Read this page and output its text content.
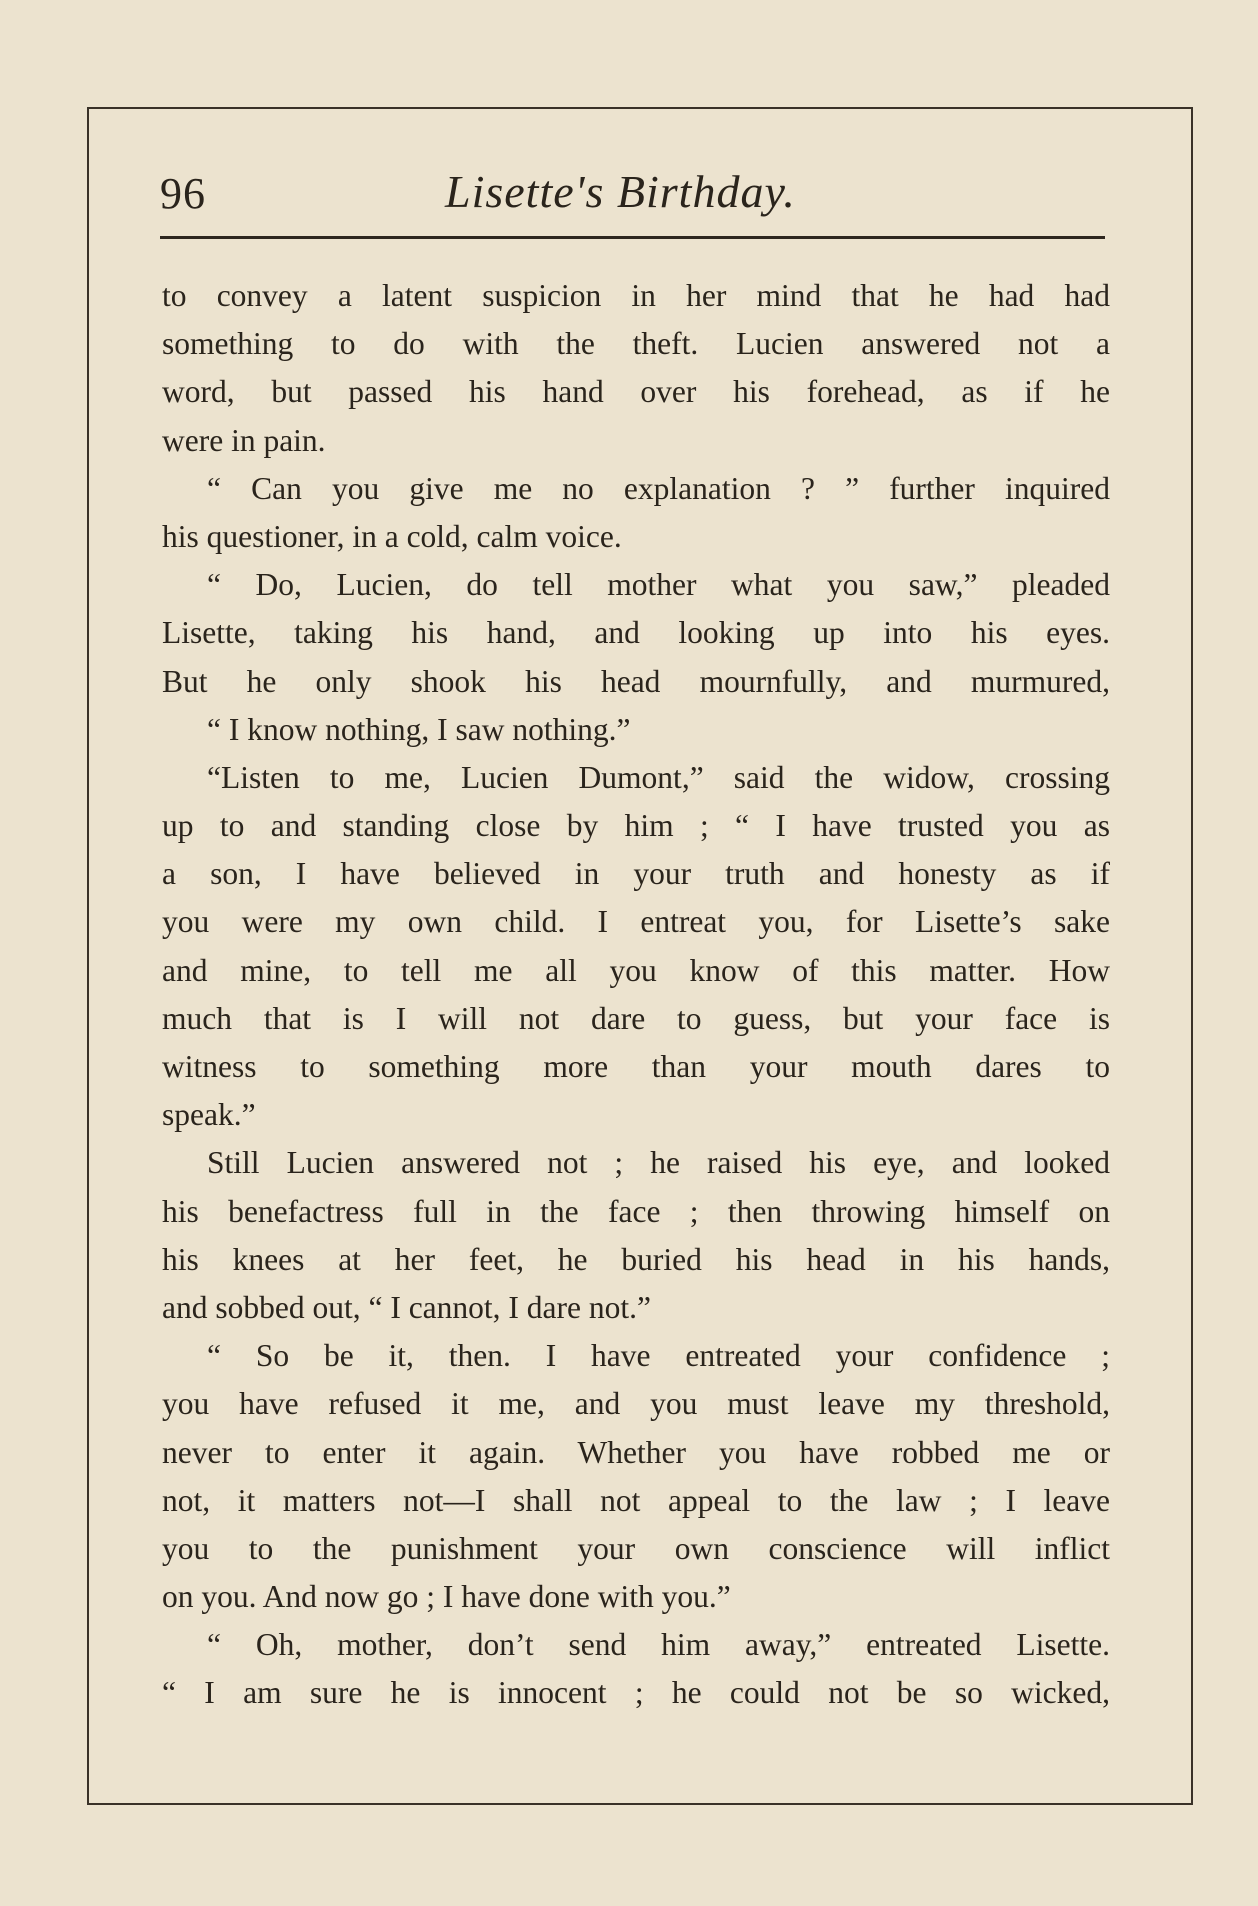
96	Lisette's Birthday.
to convey a latent suspicion in her mind that he had had
something to do with the theft. Lucien answered not a
word, but passed his hand over his forehead, as if he
were in pain.
“ Can you give me no explanation ? ” further inquired
his questioner, in a cold, calm voice.
“ Do, Lucien, do tell mother what you saw,” pleaded
Lisette, taking his hand, and looking up into his eyes.
But he only shook his head mournfully, and murmured,
“ I know nothing, I saw nothing.”
“Listen to me, Lucien Dumont,” said the widow, crossing
up to and standing close by him ; “ I have trusted you as
a son, I have believed in your truth and honesty as if
you were my own child. I entreat you, for Lisette’s sake
and mine, to tell me all you know of this matter. How
much that is I will not dare to guess, but your face is
witness to something more than your mouth dares to
speak.”
Still Lucien answered not ; he raised his eye, and looked
his benefactress full in the face ; then throwing himself on
his knees at her feet, he buried his head in his hands,
and sobbed out, “ I cannot, I dare not.”
“ So be it, then. I have entreated your confidence ;
you have refused it me, and you must leave my threshold,
never to enter it again. Whether you have robbed me or
not, it matters not—I shall not appeal to the law ; I leave
you to the punishment your own conscience will inflict
on you. And now go ; I have done with you.”
“ Oh, mother, don’t send him away,” entreated Lisette.
“ I am sure he is innocent ; he could not be so wicked,
